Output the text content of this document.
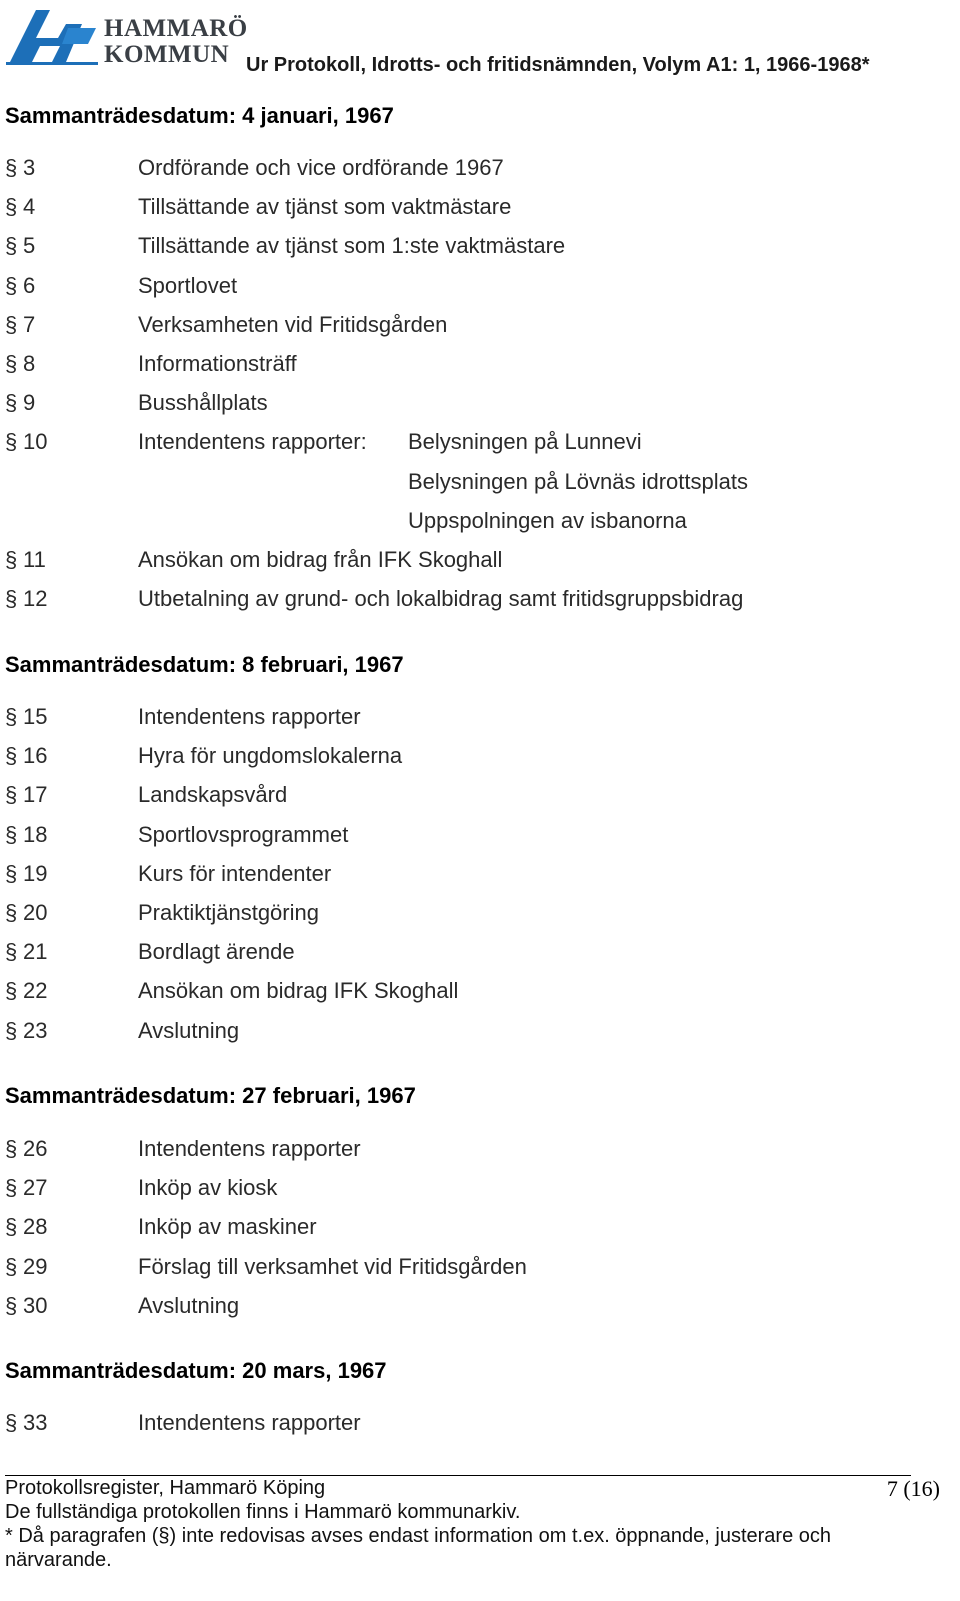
HAMMARÖ
KOMMUN Ur Protokoll, Idrotts- och fritidsnämnden, Volym A1: 1, 1966-1968*
Sammanträdesdatum: 4 januari, 1967
§ 3	Ordförande och vice ordförande 1967
§ 4	Tillsättande av tjänst som vaktmästare
§ 5	Tillsättande av tjänst som 1:ste vaktmästare
§ 6	Sportlovet
§ 7	Verksamheten vid Fritidsgården
§ 8	Informationsträff
§ 9	Busshållplats
§ 10	Intendentens rapporter: Belysningen på Lunnevi
Belysningen på Lövnäs idrottsplats
Uppspolningen av isbanorna
§ 11	Ansökan om bidrag från IFK Skoghall
§ 12	Utbetalning av grund- och lokalbidrag samt fritidsgruppsbidrag
Sammanträdesdatum: 8 februari, 1967
§ 15	Intendentens rapporter
§ 16	Hyra för ungdomslokalerna
§ 17	Landskapsvård
§ 18	Sportlovsprogrammet
§ 19	Kurs för intendenter
§ 20	Praktiktjänstgöring
§ 21	Bordlagt ärende
§ 22	Ansökan om bidrag IFK Skoghall
§ 23	Avslutning
Sammanträdesdatum: 27 februari, 1967
§ 26	Intendentens rapporter
§ 27	Inköp av kiosk
§ 28	Inköp av maskiner
§ 29	Förslag till verksamhet vid Fritidsgården
§ 30	Avslutning
Sammanträdesdatum: 20 mars, 1967
§ 33	Intendentens rapporter
Protokollsregister, Hammarö Köping	7 (16)
De fullständiga protokollen finns i Hammarö kommunarkiv.
* Då paragrafen (§) inte redovisas avses endast information om t.ex. öppnande, justerare och
närvarande.
